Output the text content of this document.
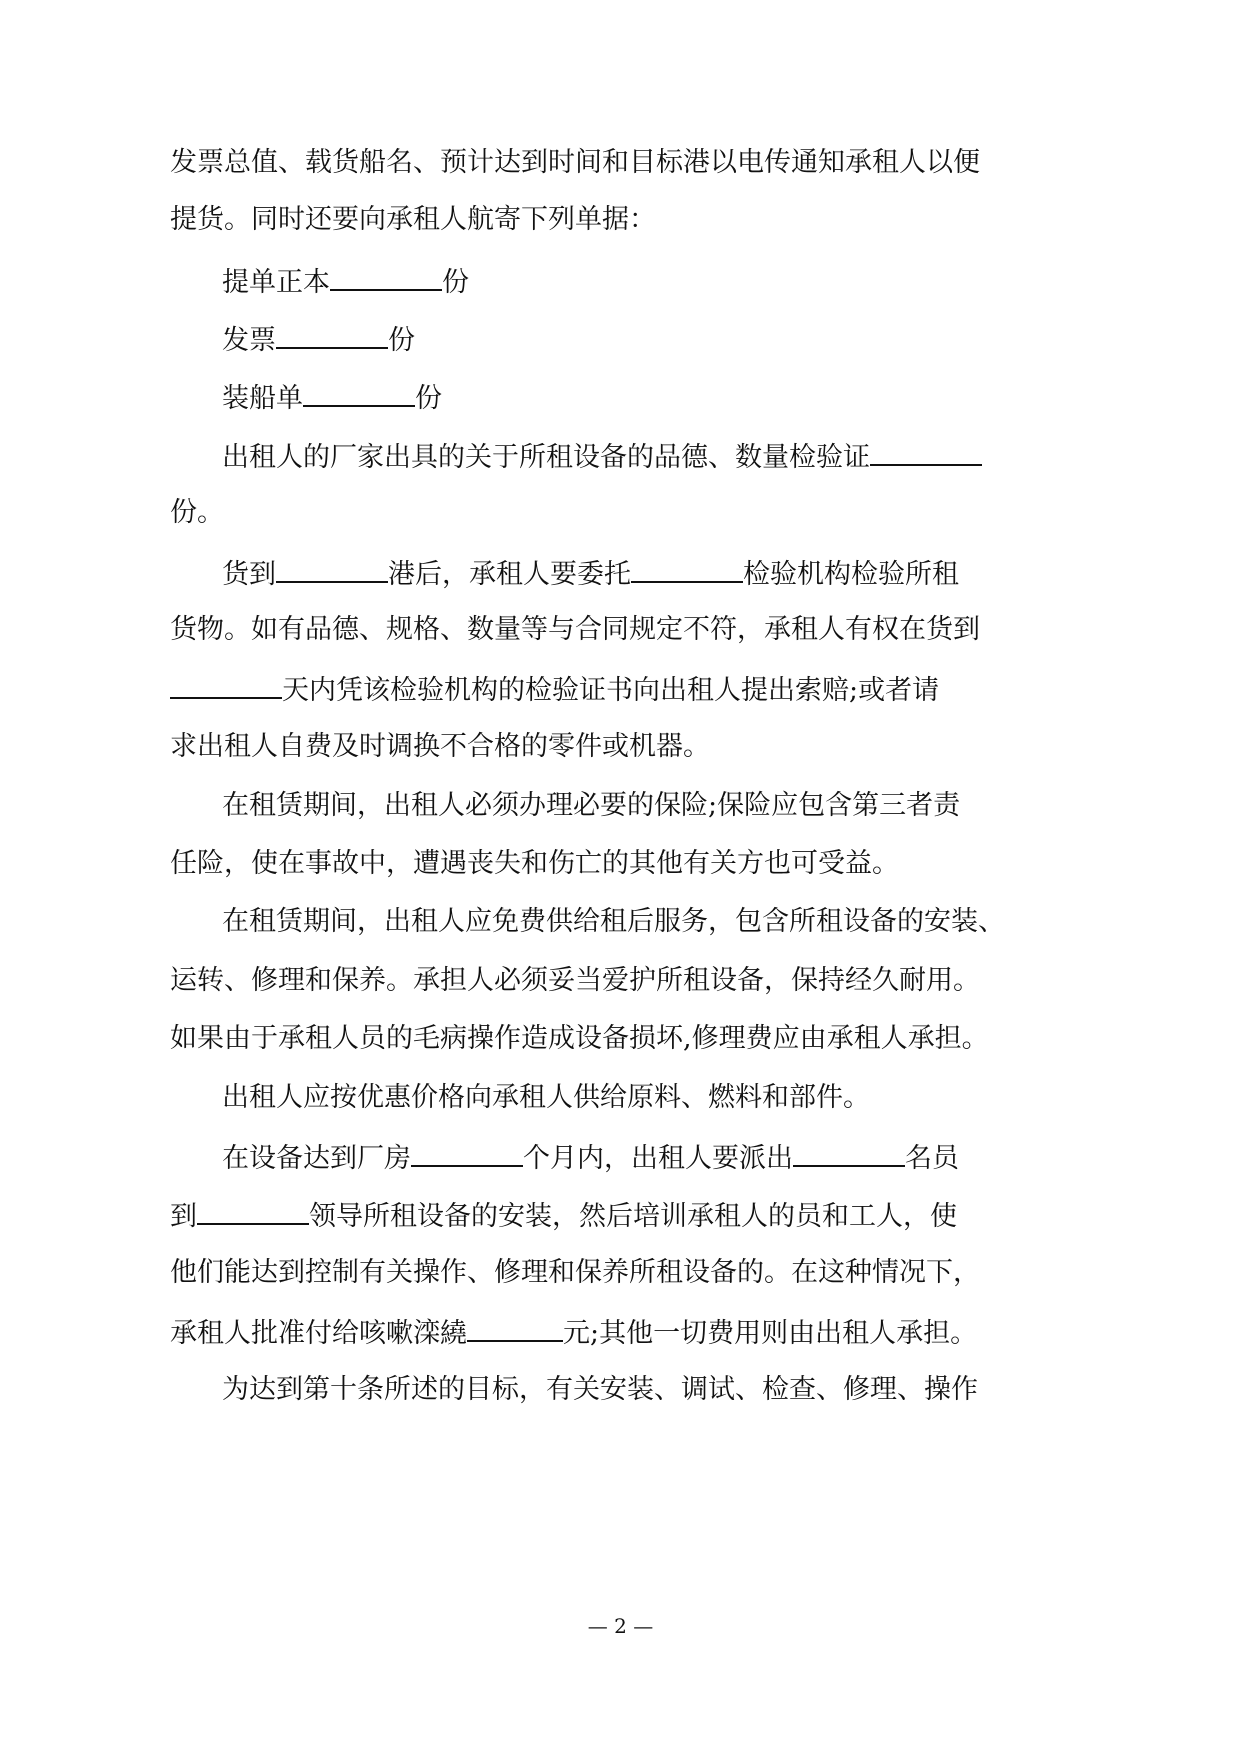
发票总值、载货船名、预计达到时间和目标港以电传通知承租人以便
提货。同时还要向承租人航寄下列单据：
提单正本	份
发票	份
装船单	份
出租人的厂家出具的关于所租设备的品德、数量检验证
份。
货到	港后，承租人要委托	检验机构检验所租
货物。如有品德、规格、数量等与合同规定不符，承租人有权在货到
天内凭该检验机构的检验证书向出租人提出索赔;或者请
求出租人自费及时调换不合格的零件或机器。
在租赁期间，出租人必须办理必要的保险;保险应包含第三者责
任险，使在事故中，遭遇丧失和伤亡的其他有关方也可受益。
在租赁期间，出租人应免费供给租后服务，包含所租设备的安装、
运转、修理和保养。承担人必须妥当爱护所租设备，保持经久耐用。
如果由于承租人员的毛病操作造成设备损坏,修理费应由承租人承担。
出租人应按优惠价格向承租人供给原料、燃料和部件。
在设备达到厂房	个月内，出租人要派出	名员
到	领导所租设备的安装，然后培训承租人的员和工人，使
他们能达到控制有关操作、修理和保养所租设备的。在这种情况下，
承租人批准付给咳嗽滦繞	元;其他一切费用则由出租人承担。
为达到第十条所述的目标，有关安装、调试、检查、修理、操作
— 2 —
